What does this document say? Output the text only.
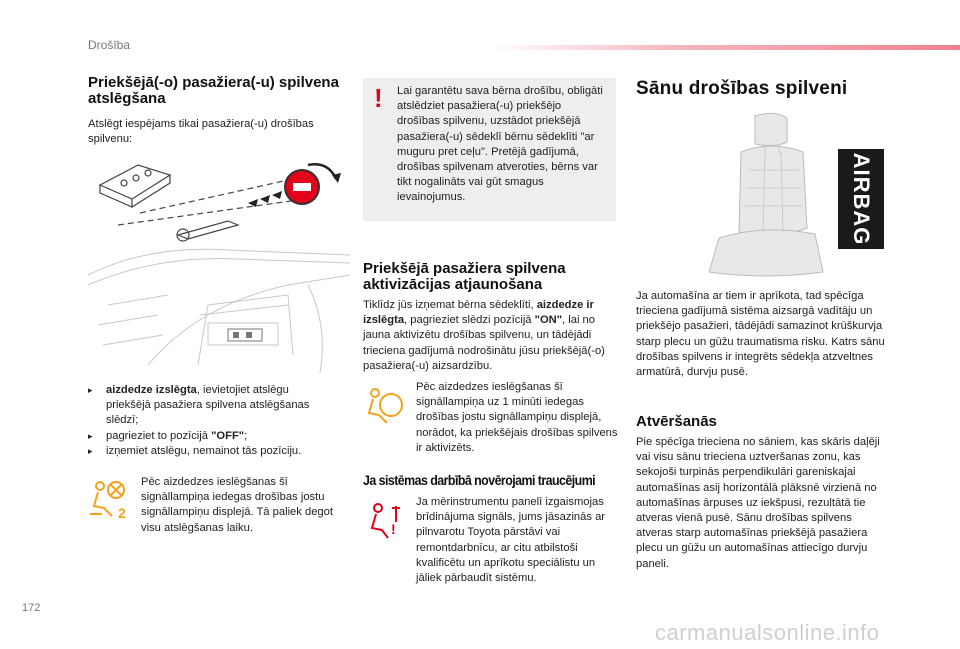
Drošība
Priekšējā(-o) pasažiera(-u) spilvena atslēgšana

Atslēgt iespējams tikai pasažiera(-u) drošības spilvenu:

▸ aizdedze izslēgta, ievietojiet atslēgu priekšējā pasažiera spilvena atslēgšanas slēdzī;
▸ pagrieziet to pozīcijā "OFF";
▸ izņemiet atslēgu, nemainot tās pozīciju.
2

Pēc aizdedzes ieslēgšanas šī signāllampiņa iedegas drošības jostu signāllampiņu displejā. Tā paliek degot visu atslēgšanas laiku.

! Lai garantētu sava bērna drošību, obligāti atslēdziet pasažiera(-u) priekšējo drošības spilvenu, uzstādot priekšējā pasažiera(-u) sēdeklī bērnu sēdeklīti "ar muguru pret ceļu". Pretējā gadījumā, drošības spilvenam atveroties, bērns var tikt nogalināts vai gūt smagus ievainojumus.

Priekšējā pasažiera spilvena aktivizācijas atjaunošana

Tiklīdz jūs izņemat bērna sēdeklīti, aizdedze ir izslēgta, pagrieziet slēdzi pozīcijā "ON", lai no jauna aktivizētu drošības spilvenu, un tādējādi trieciena gadījumā nodrošinātu jūsu priekšējā(-o) pasažiera(-u) aizsardzību.

Pēc aizdedzes ieslēgšanas šī signāllampiņa uz 1 minūti iedegas drošības jostu signāllampiņu displejā, norādot, ka priekšējais drošības spilvens ir aktivizēts.

Ja sistēmas darbībā novērojami traucējumi
!

Ja mērinstrumentu panelī izgaismojas brīdinājuma signāls, jums jāsazinās ar pilnvarotu Toyota pārstāvi vai remontdarbnīcu, ar citu atbilstoši kvalificētu un aprīkotu speciālistu un jāliek pārbaudīt sistēmu.

Sānu drošības spilveni
AIRBAG

Ja automašīna ar tiem ir aprīkota, tad spēcīga trieciena gadījumā sistēma aizsargā vadītāju un priekšējo pasažieri, tādējādi samazinot krūškurvja starp plecu un gūžu traumatisma risku. Katrs sānu drošības spilvens ir integrēts sēdekļa atzveltnes armatūrā, durvju pusē.

Atvēršanās

Pie spēcīga trieciena no sāniem, kas skāris daļēji vai visu sānu trieciena uztveršanas zonu, kas sekojoši turpinās perpendikulāri gareniskajai automašīnas asij horizontālā plāksnē virzienā no automašīnas ārpuses uz iekšpusi, rezultātā tie atveras vienā pusē. Sānu drošības spilvens atveras starp automašīnas priekšējā pasažiera plecu un gūžu un automašīnas attiecīgo durvju paneli.

172
carmanualsonline.info
